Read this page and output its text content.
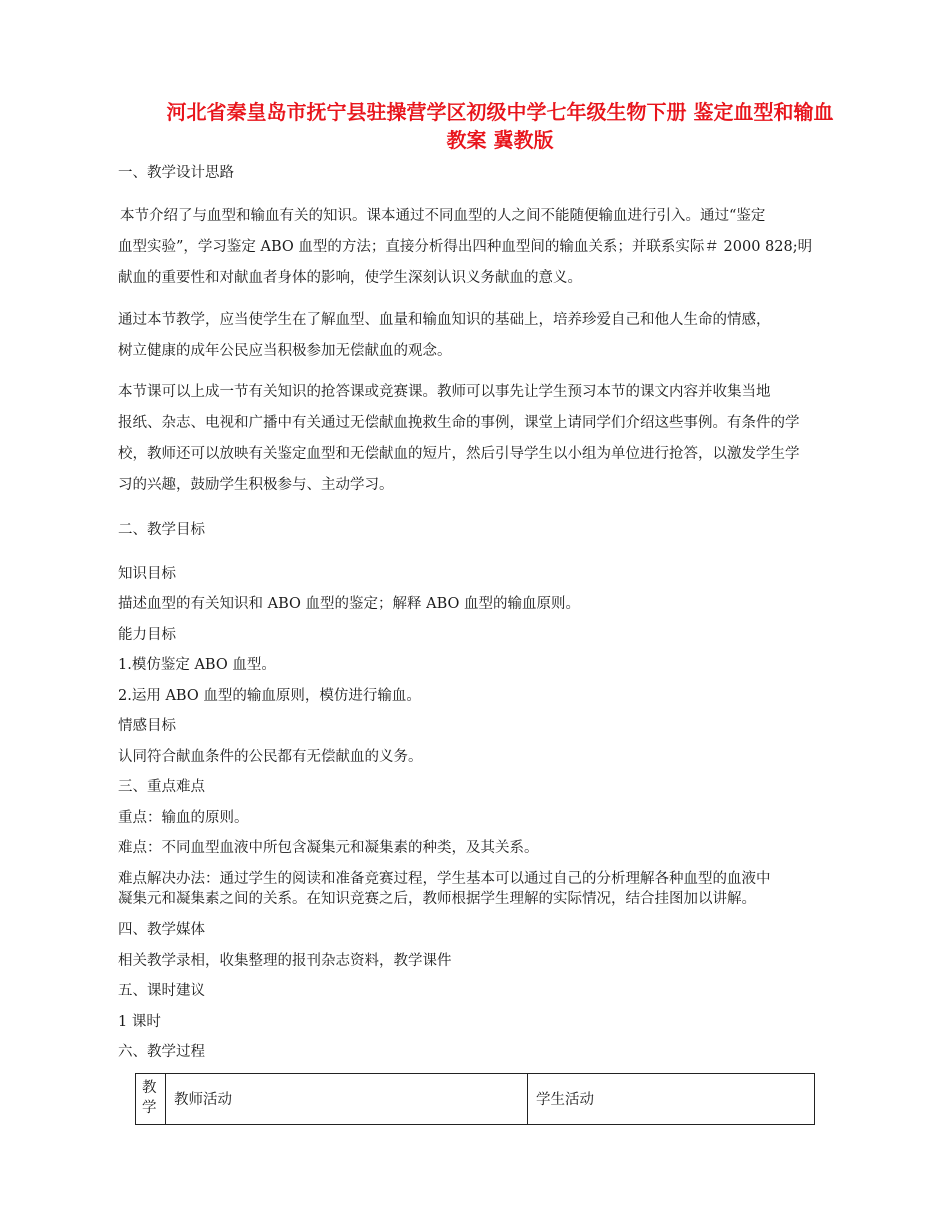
河北省秦皇岛市抚宁县驻操营学区初级中学七年级生物下册 鉴定血型和输血
教案 冀教版
一、教学设计思路
本节介绍了与血型和输血有关的知识。课本通过不同血型的人之间不能随便输血进行引入。通过“鉴定
血型实验”，学习鉴定 ABO 血型的方法；直接分析得出四种血型间的输血关系；并联系实际＃ 2000 828;明
献血的重要性和对献血者身体的影响，使学生深刻认识义务献血的意义。
通过本节教学，应当使学生在了解血型、血量和输血知识的基础上，培养珍爱自己和他人生命的情感，
树立健康的成年公民应当积极参加无偿献血的观念。
本节课可以上成一节有关知识的抢答课或竞赛课。教师可以事先让学生预习本节的课文内容并收集当地
报纸、杂志、电视和广播中有关通过无偿献血挽救生命的事例，课堂上请同学们介绍这些事例。有条件的学
校，教师还可以放映有关鉴定血型和无偿献血的短片，然后引导学生以小组为单位进行抢答，以激发学生学
习的兴趣，鼓励学生积极参与、主动学习。
二、教学目标
知识目标
描述血型的有关知识和 ABO 血型的鉴定；解释 ABO 血型的输血原则。
能力目标
1.模仿鉴定 ABO 血型。
2.运用 ABO 血型的输血原则，模仿进行输血。
情感目标
认同符合献血条件的公民都有无偿献血的义务。
三、重点难点
重点：输血的原则。
难点：不同血型血液中所包含凝集元和凝集素的种类，及其关系。
难点解决办法：通过学生的阅读和准备竞赛过程，学生基本可以通过自己的分析理解各种血型的血液中
凝集元和凝集素之间的关系。在知识竞赛之后，教师根据学生理解的实际情况，结合挂图加以讲解。
四、教学媒体
相关教学录相，收集整理的报刊杂志资料，教学课件
五、课时建议
1 课时
六、教学过程
教学	教师活动	学生活动
